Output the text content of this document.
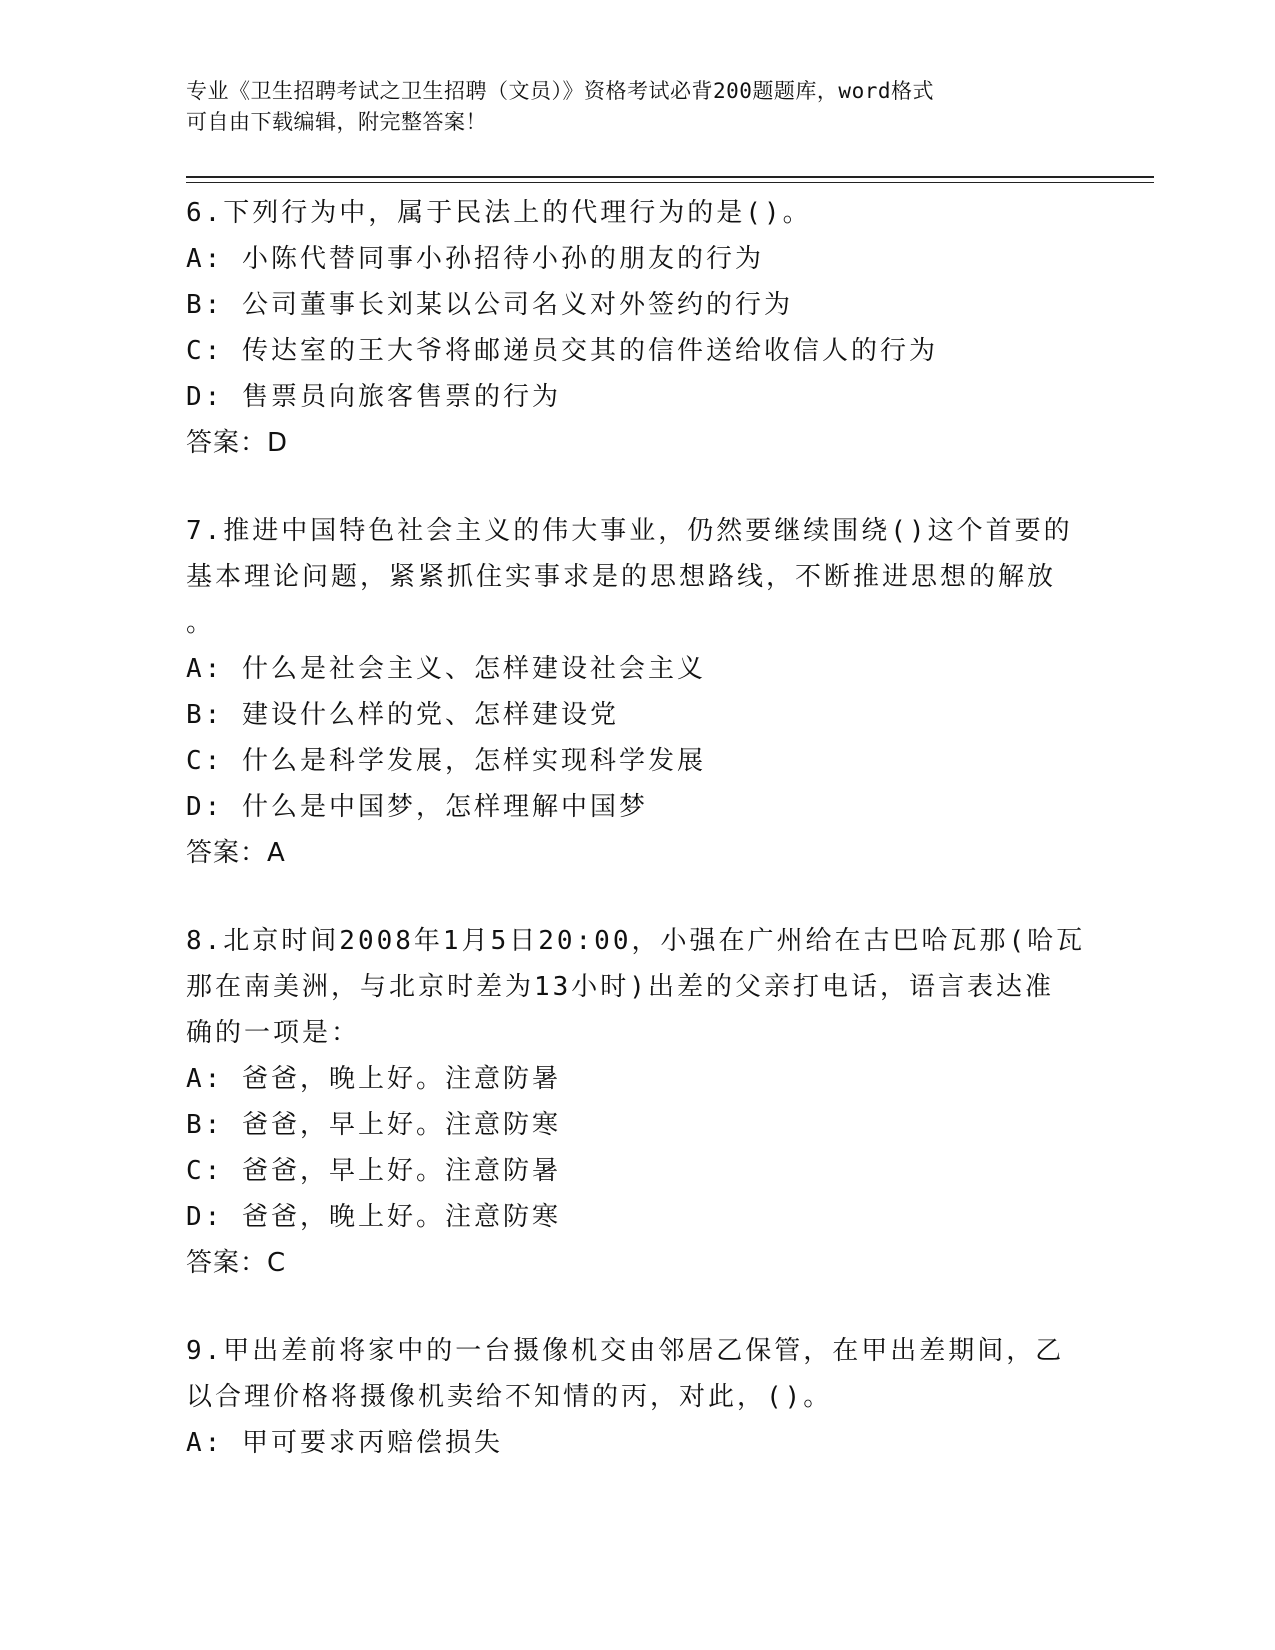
专业《卫生招聘考试之卫生招聘（文员）》资格考试必背200题题库，word格式
可自由下载编辑，附完整答案！
6.下列行为中，属于民法上的代理行为的是()。
A: 小陈代替同事小孙招待小孙的朋友的行为
B: 公司董事长刘某以公司名义对外签约的行为
C: 传达室的王大爷将邮递员交其的信件送给收信人的行为
D: 售票员向旅客售票的行为
答案：D
7.推进中国特色社会主义的伟大事业，仍然要继续围绕()这个首要的
基本理论问题，紧紧抓住实事求是的思想路线，不断推进思想的解放
。
A: 什么是社会主义、怎样建设社会主义
B: 建设什么样的党、怎样建设党
C: 什么是科学发展，怎样实现科学发展
D: 什么是中国梦，怎样理解中国梦
答案：A
8.北京时间2008年1月5日20:00，小强在广州给在古巴哈瓦那(哈瓦
那在南美洲，与北京时差为13小时)出差的父亲打电话，语言表达准
确的一项是：
A: 爸爸，晚上好。注意防暑
B: 爸爸，早上好。注意防寒
C: 爸爸，早上好。注意防暑
D: 爸爸，晚上好。注意防寒
答案：C
9.甲出差前将家中的一台摄像机交由邻居乙保管，在甲出差期间，乙
以合理价格将摄像机卖给不知情的丙，对此，()。
A: 甲可要求丙赔偿损失
